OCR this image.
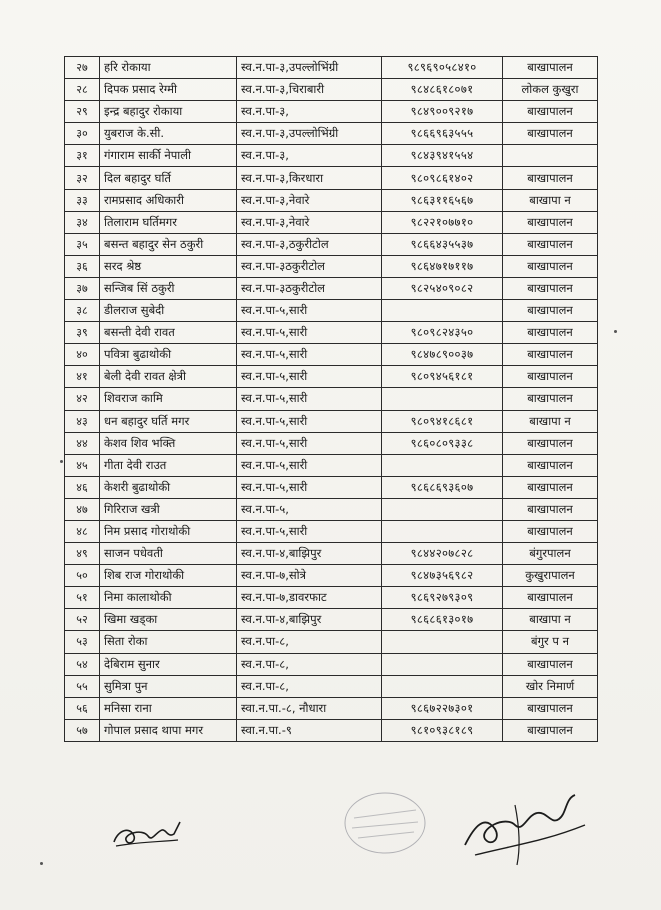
२७	हरि रोकाया	स्व.न.पा-३,उपल्लोभिंग्री	९८९६९०५८४१०	बाखापालन
२८	दिपक प्रसाद रेग्मी	स्व.न.पा-३,चिराबारी	९८४८६१८०७१	लोकल कुखुरा
२९	इन्द्र बहादुर रोकाया	स्व.न.पा-३,	९८४९००९२१७	बाखापालन
३०	युबराज के.सी.	स्व.न.पा-३,उपल्लोभिंग्री	९८६६९६३५५५	बाखापालन
३१	गंगाराम सार्की नेपाली	स्व.न.पा-३,	९८४३९४१५५४	
३२	दिल बहादुर घर्ति	स्व.न.पा-३,किरधारा	९८०९८६१४०२	बाखापालन
३३	रामप्रसाद अधिकारी	स्व.न.पा-३,नेवारे	९८६३११६५६७	बाखापा न
३४	तिलाराम घर्तिमगर	स्व.न.पा-३,नेवारे	९८२२१०७७१०	बाखापालन
३५	बसन्त बहादुर सेन ठकुरी	स्व.न.पा-३,ठकुरीटोल	९८६६४३५५३७	बाखापालन
३६	सरद श्रेष्ठ	स्व.न.पा-३ठकुरीटोल	९८६४७१७११७	बाखापालन
३७	सन्जिब सिं ठकुरी	स्व.न.पा-३ठकुरीटोल	९८२५४०९०८२	बाखापालन
३८	डीलराज सुबेदी	स्व.न.पा-५,सारी		बाखापालन
३९	बसन्ती देवी रावत	स्व.न.पा-५,सारी	९८०९८२४३५०	बाखापालन
४०	पवित्रा बुढाथोकी	स्व.न.पा-५,सारी	९८४७८९००३७	बाखापालन
४१	बेली देवी रावत क्षेत्री	स्व.न.पा-५,सारी	९८०९४५६१८१	बाखापालन
४२	शिवराज कामि	स्व.न.पा-५,सारी		बाखापालन
४३	धन बहादुर घर्ति मगर	स्व.न.पा-५,सारी	९८०९४१८६८१	बाखापा न
४४	केशव शिव भक्ति	स्व.न.पा-५,सारी	९८६०८०९३३८	बाखापालन
४५	गीता देवी राउत	स्व.न.पा-५,सारी		बाखापालन
४६	केशरी बुढाथोकी	स्व.न.पा-५,सारी	९८६८६९३६०७	बाखापालन
४७	गिरिराज खत्री	स्व.न.पा-५,		बाखापालन
४८	निम प्रसाद गोराथोकी	स्व.न.पा-५,सारी		बाखापालन
४९	साजन पधेवती	स्व.न.पा-४,बाझिपुर	९८४४२०७८२८	बंगुरपालन
५०	शिब राज गोराथोकी	स्व.न.पा-७,सोत्रे	९८४७३५६९८२	कुखुरापालन
५१	निमा कालाथोकी	स्व.न.पा-७,डावरफाट	९८६९२७९३०९	बाखापालन
५२	खिमा खड्का	स्व.न.पा-४,बाझिपुर	९८६८६१३०१७	बाखापा न
५३	सिता रोका	स्व.न.पा-८,		बंगुर प न
५४	देबिराम सुनार	स्व.न.पा-८,		बाखापालन
५५	सुमित्रा पुन	स्व.न.पा-८,		खोर निमार्ण
५६	मनिसा राना	स्वा.न.पा.-८, नौधारा	९८६७२२७३०१	बाखापालन
५७	गोपाल प्रसाद थापा मगर	स्वा.न.पा.-९	९८१०९३८१८९	बाखापालन
